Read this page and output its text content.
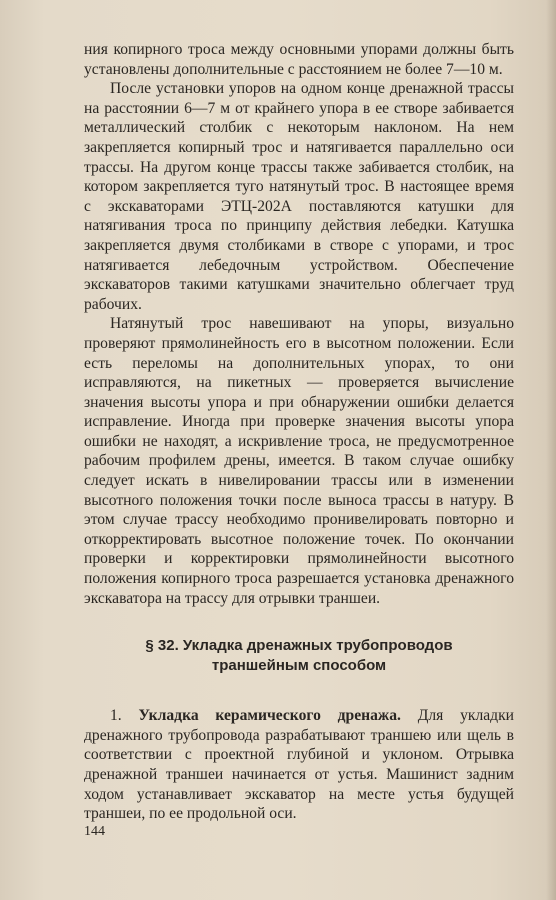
ния копирного троса между основными упорами должны быть установлены дополнительные с расстоянием не более 7—10 м.

После установки упоров на одном конце дренажной трассы на расстоянии 6—7 м от крайнего упора в ее створе забивается металлический столбик с некоторым наклоном. На нем закрепляется копирный трос и натягивается параллельно оси трассы. На другом конце трассы также забивается столбик, на котором закрепляется туго натянутый трос. В настоящее время с экскаваторами ЭТЦ-202А поставляются катушки для натягивания троса по принципу действия лебедки. Катушка закрепляется двумя столбиками в створе с упорами, и трос натягивается лебедочным устройством. Обеспечение экскаваторов такими катушками значительно облегчает труд рабочих.

Натянутый трос навешивают на упоры, визуально проверяют прямолинейность его в высотном положении. Если есть переломы на дополнительных упорах, то они исправляются, на пикетных — проверяется вычисление значения высоты упора и при обнаружении ошибки делается исправление. Иногда при проверке значения высоты упора ошибки не находят, а искривление троса, не предусмотренное рабочим профилем дрены, имеется. В таком случае ошибку следует искать в нивелировании трассы или в изменении высотного положения точки после выноса трассы в натуру. В этом случае трассу необходимо пронивелировать повторно и откорректировать высотное положение точек. По окончании проверки и корректировки прямолинейности высотного положения копирного троса разрешается установка дренажного экскаватора на трассу для отрывки траншеи.

§ 32. Укладка дренажных трубопроводов
траншейным способом

1. Укладка керамического дренажа. Для укладки дренажного трубопровода разрабатывают траншею или щель в соответствии с проектной глубиной и уклоном. Отрывка дренажной траншеи начинается от устья. Машинист задним ходом устанавливает экскаватор на месте устья будущей траншеи, по ее продольной оси.

144
